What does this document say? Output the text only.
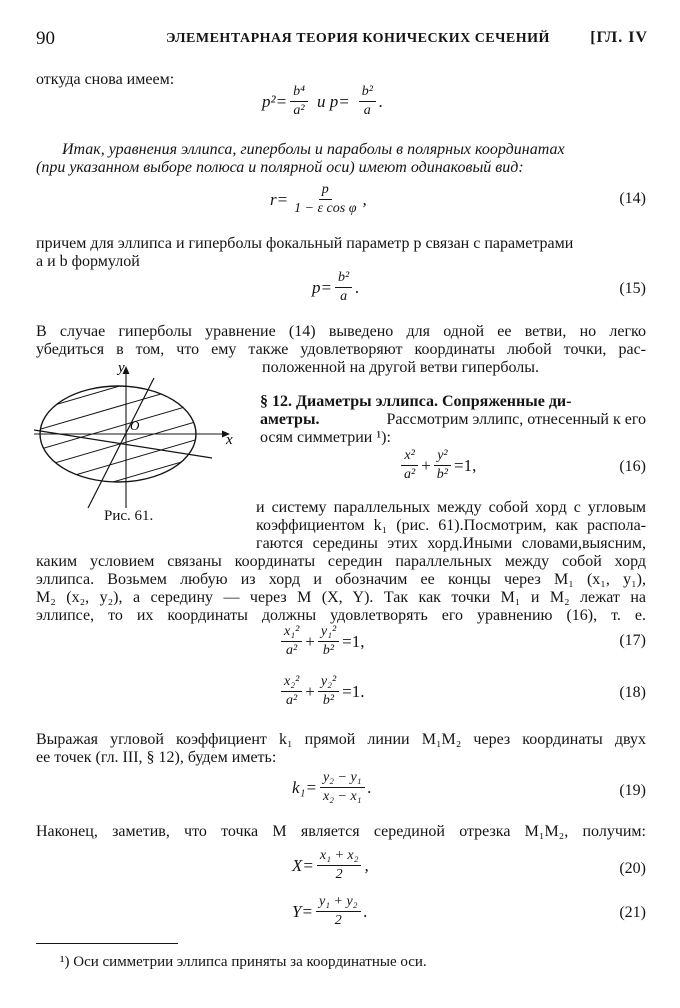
90	ЭЛЕМЕНТАРНАЯ ТЕОРИЯ КОНИЧЕСКИХ СЕЧЕНИЙ	[ГЛ. IV
откуда снова имеем:
$p^2= \frac{\text{b⁴}}{\text{a²}}$ и $p= \frac{\text{b²}}{a}$ .
Итак, уравнения эллипса, гиперболы и параболы в полярных координатах
(при указанном выборе полюса и полярной оси) имеют одинаковый вид:
$r= \frac{p}{\text{1 − ε cos φ}}$ ,	(14)
причем для эллипса и гиперболы фокальный параметр p связан с параметрами
a и b формулой
$p= \frac{\text{b²}}{a}$ .	(15)
В случае гиперболы уравнение (14) выведено для одной ее ветви, но легко
убедиться в том, что ему также удовлетворяют координаты любой точки, рас-
положенной на другой ветви гиперболы.
O
x
y
Рис. 61.
§ 12. Диаметры эллипса. Сопряженные ди-
аметры.	Рассмотрим эллипс, отнесенный к его
осям симметрии ¹):
$\frac{\text{x²}}{\text{a²}} + \frac{\text{y²}}{\text{b²}} =1$,	(16)
и систему параллельных между собой хорд с угловым
коэффициентом k₁ (рис. 61).Посмотрим, как распола-
гаются середины этих хорд.Иными словами,выясним,
каким условием связаны координаты середин параллельных между собой хорд
эллипса. Возьмем любую из хорд и обозначим ее концы через M₁ (x₁, y₁),
M₂ (x₂, y₂), а середину — через M (X, Y). Так как точки M₁ и M₂ лежат на
эллипсе, то их координаты должны удовлетворять его уравнению (16), т. е.
$\frac{\text{x₁²}}{\text{a²}} + \frac{\text{y₁²}}{\text{b²}} =1$,	(17)
$\frac{\text{x₂²}}{\text{a²}} + \frac{\text{y₂²}}{\text{b²}} =1$.	(18)
Выражая угловой коэффициент k₁ прямой линии M₁M₂ через координаты двух
ее точек (гл. III, § 12), будем иметь:
$k_1= \frac{\text{y₂ − y₁}}{\text{x₂ − x₁}}$ .	(19)
Наконец, заметив, что точка M является серединой отрезка M₁M₂, получим:
$X= \frac{\text{x₁ + x₂}}{2}$ ,	(20)
$Y= \frac{\text{y₁ + y₂}}{2}$ .	(21)
¹) Оси симметрии эллипса приняты за координатные оси.
